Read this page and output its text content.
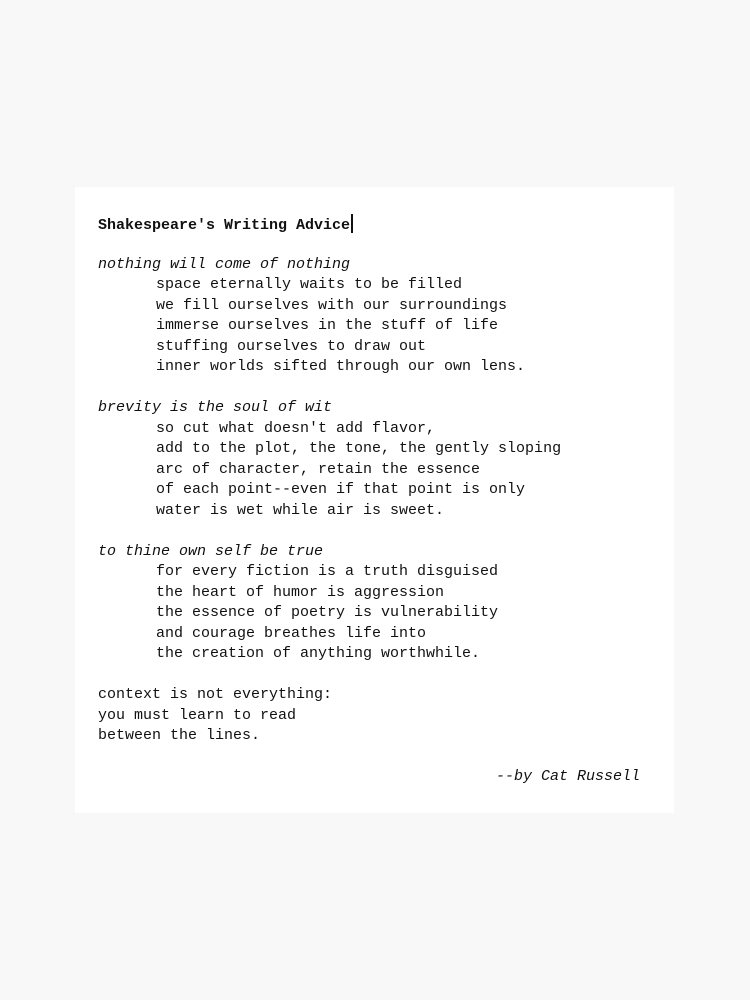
Shakespeare's Writing Advice
nothing will come of nothing
space eternally waits to be filled
we fill ourselves with our surroundings
immerse ourselves in the stuff of life
stuffing ourselves to draw out
inner worlds sifted through our own lens.
brevity is the soul of wit
so cut what doesn't add flavor,
add to the plot, the tone, the gently sloping
arc of character, retain the essence
of each point--even if that point is only
water is wet while air is sweet.
to thine own self be true
for every fiction is a truth disguised
the heart of humor is aggression
the essence of poetry is vulnerability
and courage breathes life into
the creation of anything worthwhile.
context is not everything:
you must learn to read
between the lines.
--by Cat Russell
